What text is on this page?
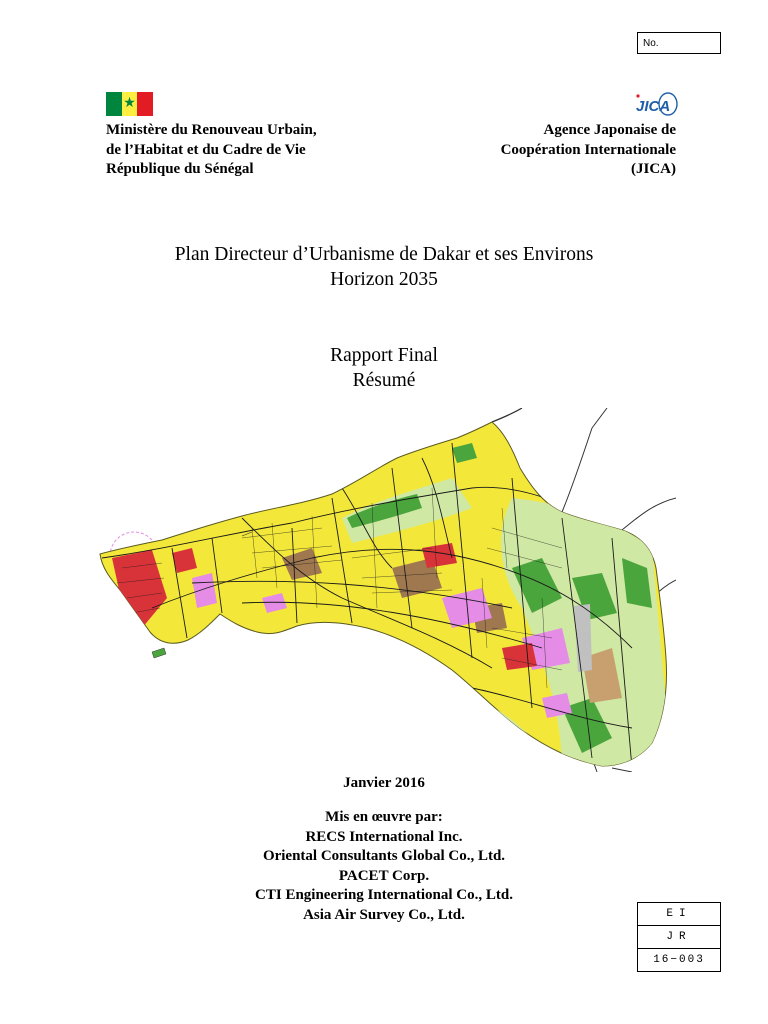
No.
★	JICA
Ministère du Renouveau Urbain,
de l’Habitat et du Cadre de Vie
République du Sénégal
Agence Japonaise de
Coopération Internationale
(JICA)
Plan Directeur d’Urbanisme de Dakar et ses Environs
Horizon 2035
Rapport Final
Résumé
Janvier 2016
Mis en œuvre par:
RECS International Inc.
Oriental Consultants Global Co., Ltd.
PACET Corp.
CTI Engineering International Co., Ltd.
Asia Air Survey Co., Ltd.	EI
JR
16−003
